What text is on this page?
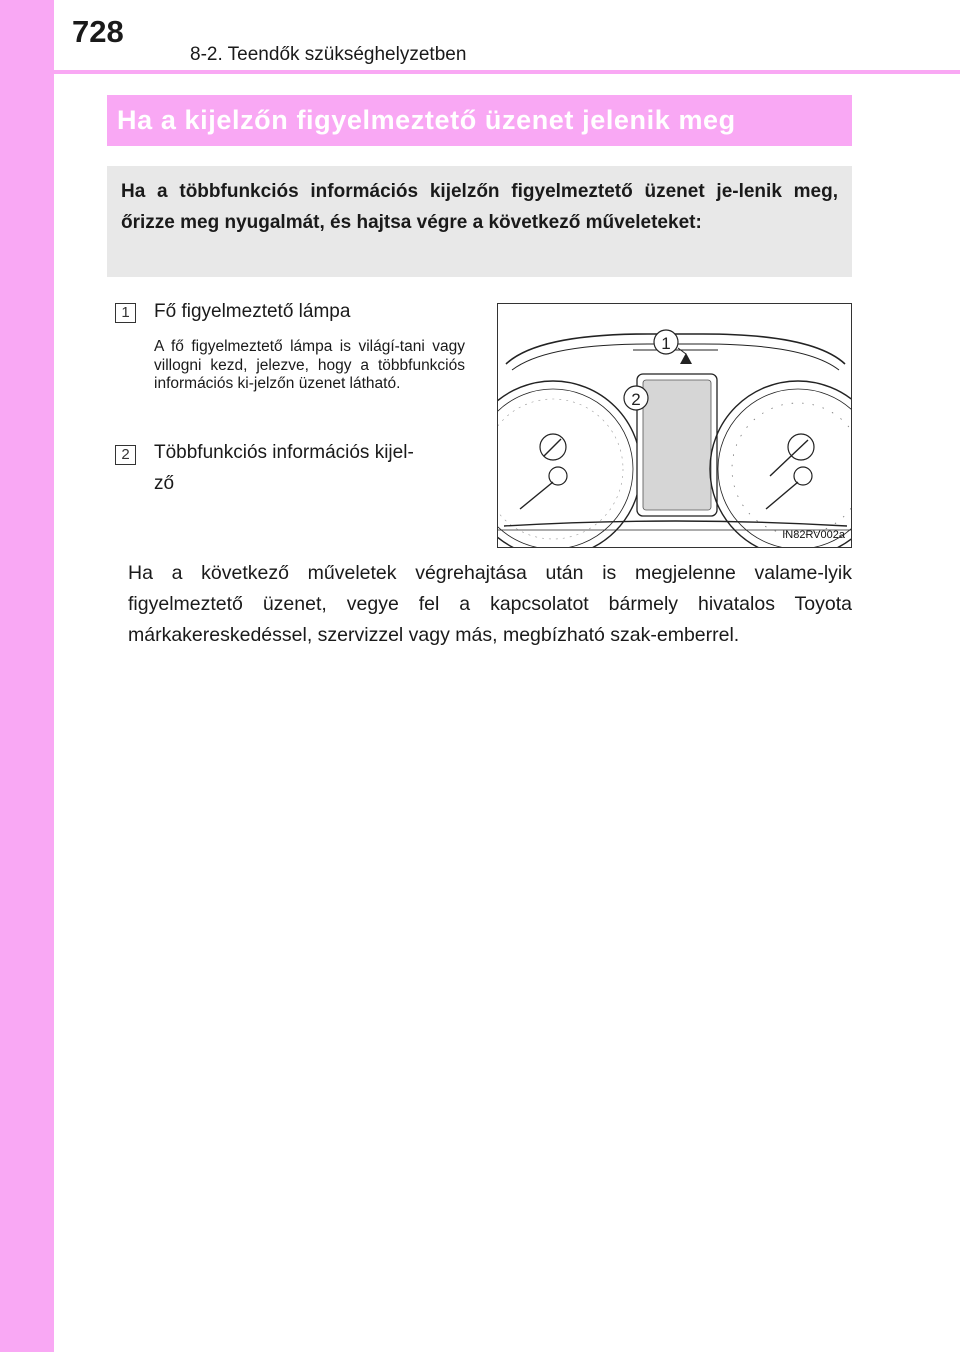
728
8-2. Teendők szükséghelyzetben
Ha a kijelzőn figyelmeztető üzenet jelenik meg
Ha a többfunkciós információs kijelzőn figyelmeztető üzenet je-lenik meg, őrizze meg nyugalmát, és hajtsa végre a következő műveleteket:
1	Fő figyelmeztető lámpa
A fő figyelmeztető lámpa is világí-tani vagy villogni kezd, jelezve, hogy a többfunkciós információs ki-jelzőn üzenet látható.
2	Többfunkciós információs kijel-
ző
1
2
IN82RV002a
Ha a következő műveletek végrehajtása után is megjelenne valame-lyik figyelmeztető üzenet, vegye fel a kapcsolatot bármely hivatalos Toyota márkakereskedéssel, szervizzel vagy más, megbízható szak-emberrel.
